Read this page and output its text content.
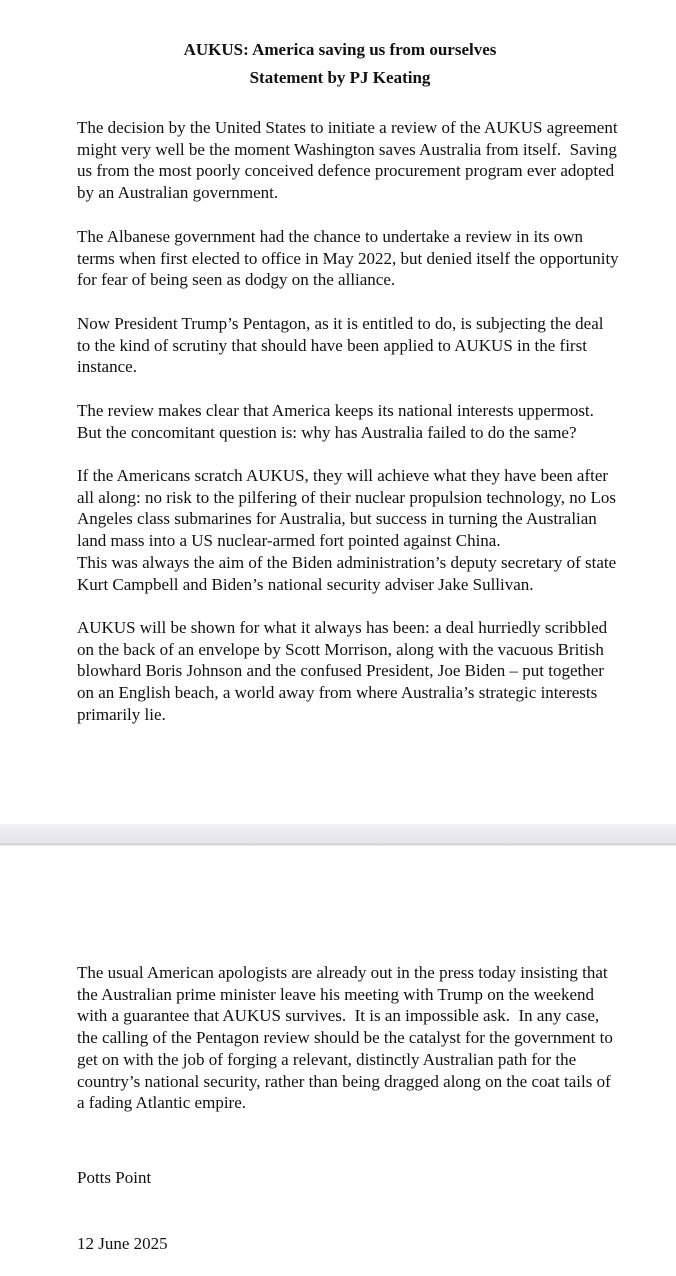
AUKUS: America saving us from ourselves
Statement by PJ Keating
The decision by the United States to initiate a review of the AUKUS agreement
might very well be the moment Washington saves Australia from itself.  Saving
us from the most poorly conceived defence procurement program ever adopted
by an Australian government.
The Albanese government had the chance to undertake a review in its own
terms when first elected to office in May 2022, but denied itself the opportunity
for fear of being seen as dodgy on the alliance.
Now President Trump’s Pentagon, as it is entitled to do, is subjecting the deal
to the kind of scrutiny that should have been applied to AUKUS in the first
instance.
The review makes clear that America keeps its national interests uppermost.
But the concomitant question is: why has Australia failed to do the same?
If the Americans scratch AUKUS, they will achieve what they have been after
all along: no risk to the pilfering of their nuclear propulsion technology, no Los
Angeles class submarines for Australia, but success in turning the Australian
land mass into a US nuclear-armed fort pointed against China.
This was always the aim of the Biden administration’s deputy secretary of state
Kurt Campbell and Biden’s national security adviser Jake Sullivan.
AUKUS will be shown for what it always has been: a deal hurriedly scribbled
on the back of an envelope by Scott Morrison, along with the vacuous British
blowhard Boris Johnson and the confused President, Joe Biden – put together
on an English beach, a world away from where Australia’s strategic interests
primarily lie.
The usual American apologists are already out in the press today insisting that
the Australian prime minister leave his meeting with Trump on the weekend
with a guarantee that AUKUS survives.  It is an impossible ask.  In any case,
the calling of the Pentagon review should be the catalyst for the government to
get on with the job of forging a relevant, distinctly Australian path for the
country’s national security, rather than being dragged along on the coat tails of
a fading Atlantic empire.

Potts Point

12 June 2025
